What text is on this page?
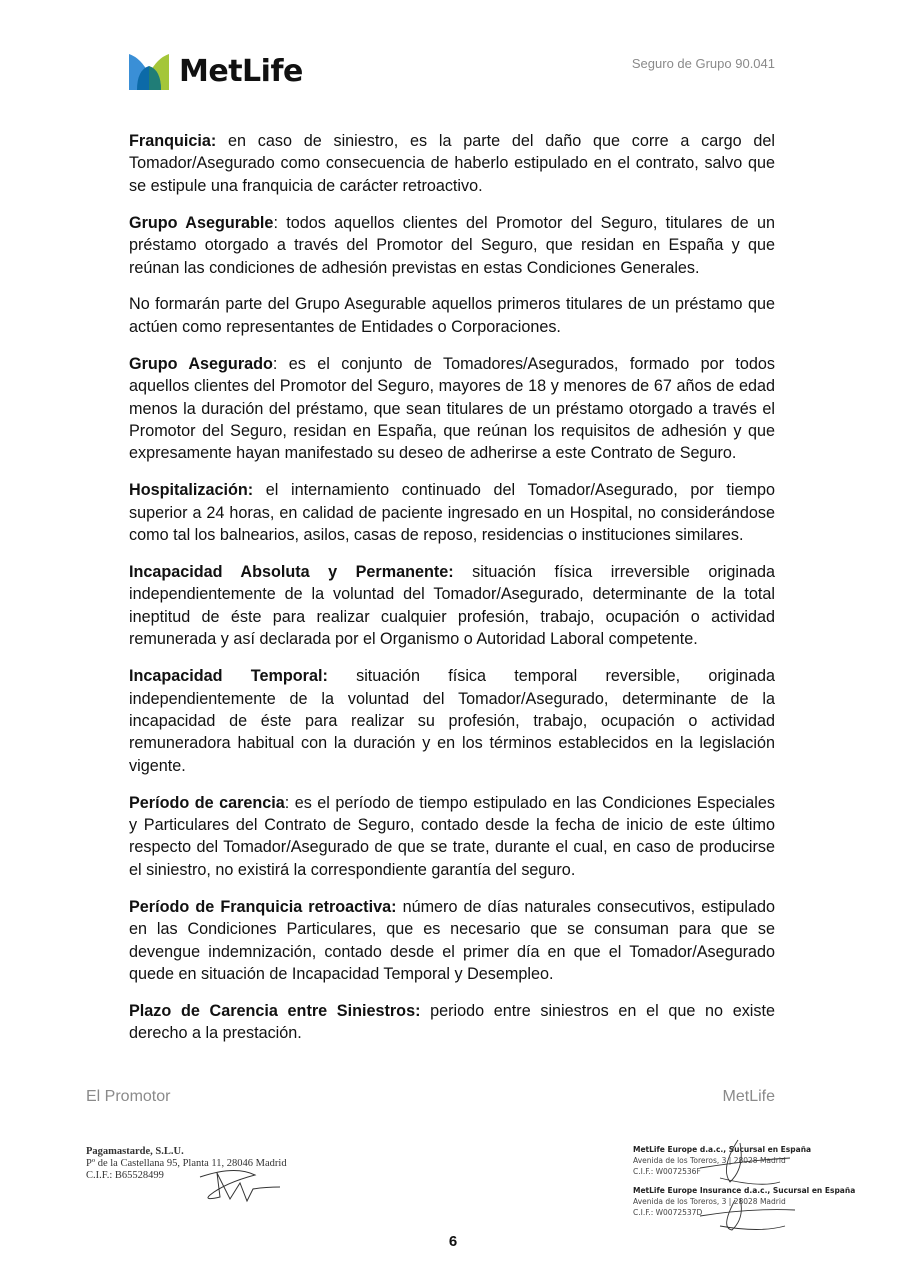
MetLife	Seguro de Grupo 90.041

Franquicia: en caso de siniestro, es la parte del daño que corre a cargo del Tomador/Asegurado como consecuencia de haberlo estipulado en el contrato, salvo que se estipule una franquicia de carácter retroactivo.

Grupo Asegurable: todos aquellos clientes del Promotor del Seguro, titulares de un préstamo otorgado a través del Promotor del Seguro, que residan en España y que reúnan las condiciones de adhesión previstas en estas Condiciones Generales.

No formarán parte del Grupo Asegurable aquellos primeros titulares de un préstamo que actúen como representantes de Entidades o Corporaciones.

Grupo Asegurado: es el conjunto de Tomadores/Asegurados, formado por todos aquellos clientes del Promotor del Seguro, mayores de 18 y menores de 67 años de edad menos la duración del préstamo, que sean titulares de un préstamo otorgado a través el Promotor del Seguro, residan en España, que reúnan los requisitos de adhesión y que expresamente hayan manifestado su deseo de adherirse a este Contrato de Seguro.

Hospitalización: el internamiento continuado del Tomador/Asegurado, por tiempo superior a 24 horas, en calidad de paciente ingresado en un Hospital, no considerándose como tal los balnearios, asilos, casas de reposo, residencias o instituciones similares.

Incapacidad Absoluta y Permanente: situación física irreversible originada independientemente de la voluntad del Tomador/Asegurado, determinante de la total ineptitud de éste para realizar cualquier profesión, trabajo, ocupación o actividad remunerada y así declarada por el Organismo o Autoridad Laboral competente.

Incapacidad Temporal: situación física temporal reversible, originada independientemente de la voluntad del Tomador/Asegurado, determinante de la incapacidad de éste para realizar su profesión, trabajo, ocupación o actividad remuneradora habitual con la duración y en los términos establecidos en la legislación vigente.

Período de carencia: es el período de tiempo estipulado en las Condiciones Especiales y Particulares del Contrato de Seguro, contado desde la fecha de inicio de este último respecto del Tomador/Asegurado de que se trate, durante el cual, en caso de producirse el siniestro, no existirá la correspondiente garantía del seguro.

Período de Franquicia retroactiva: número de días naturales consecutivos, estipulado en las Condiciones Particulares, que es necesario que se consuman para que se devengue indemnización, contado desde el primer día en que el Tomador/Asegurado quede en situación de Incapacidad Temporal y Desempleo.

Plazo de Carencia entre Siniestros: periodo entre siniestros en el que no existe derecho a la prestación.

El Promotor	MetLife
Pagamastarde, S.L.U.
Pº de la Castellana 95, Planta 11, 28046 Madrid
C.I.F.: B65528499
MetLife Europe d.a.c., Sucursal en España
Avenida de los Toreros, 3 | 28028 Madrid
C.I.F.: W0072536F
MetLife Europe Insurance d.a.c., Sucursal en España
Avenida de los Toreros, 3 | 28028 Madrid
C.I.F.: W0072537D
6
